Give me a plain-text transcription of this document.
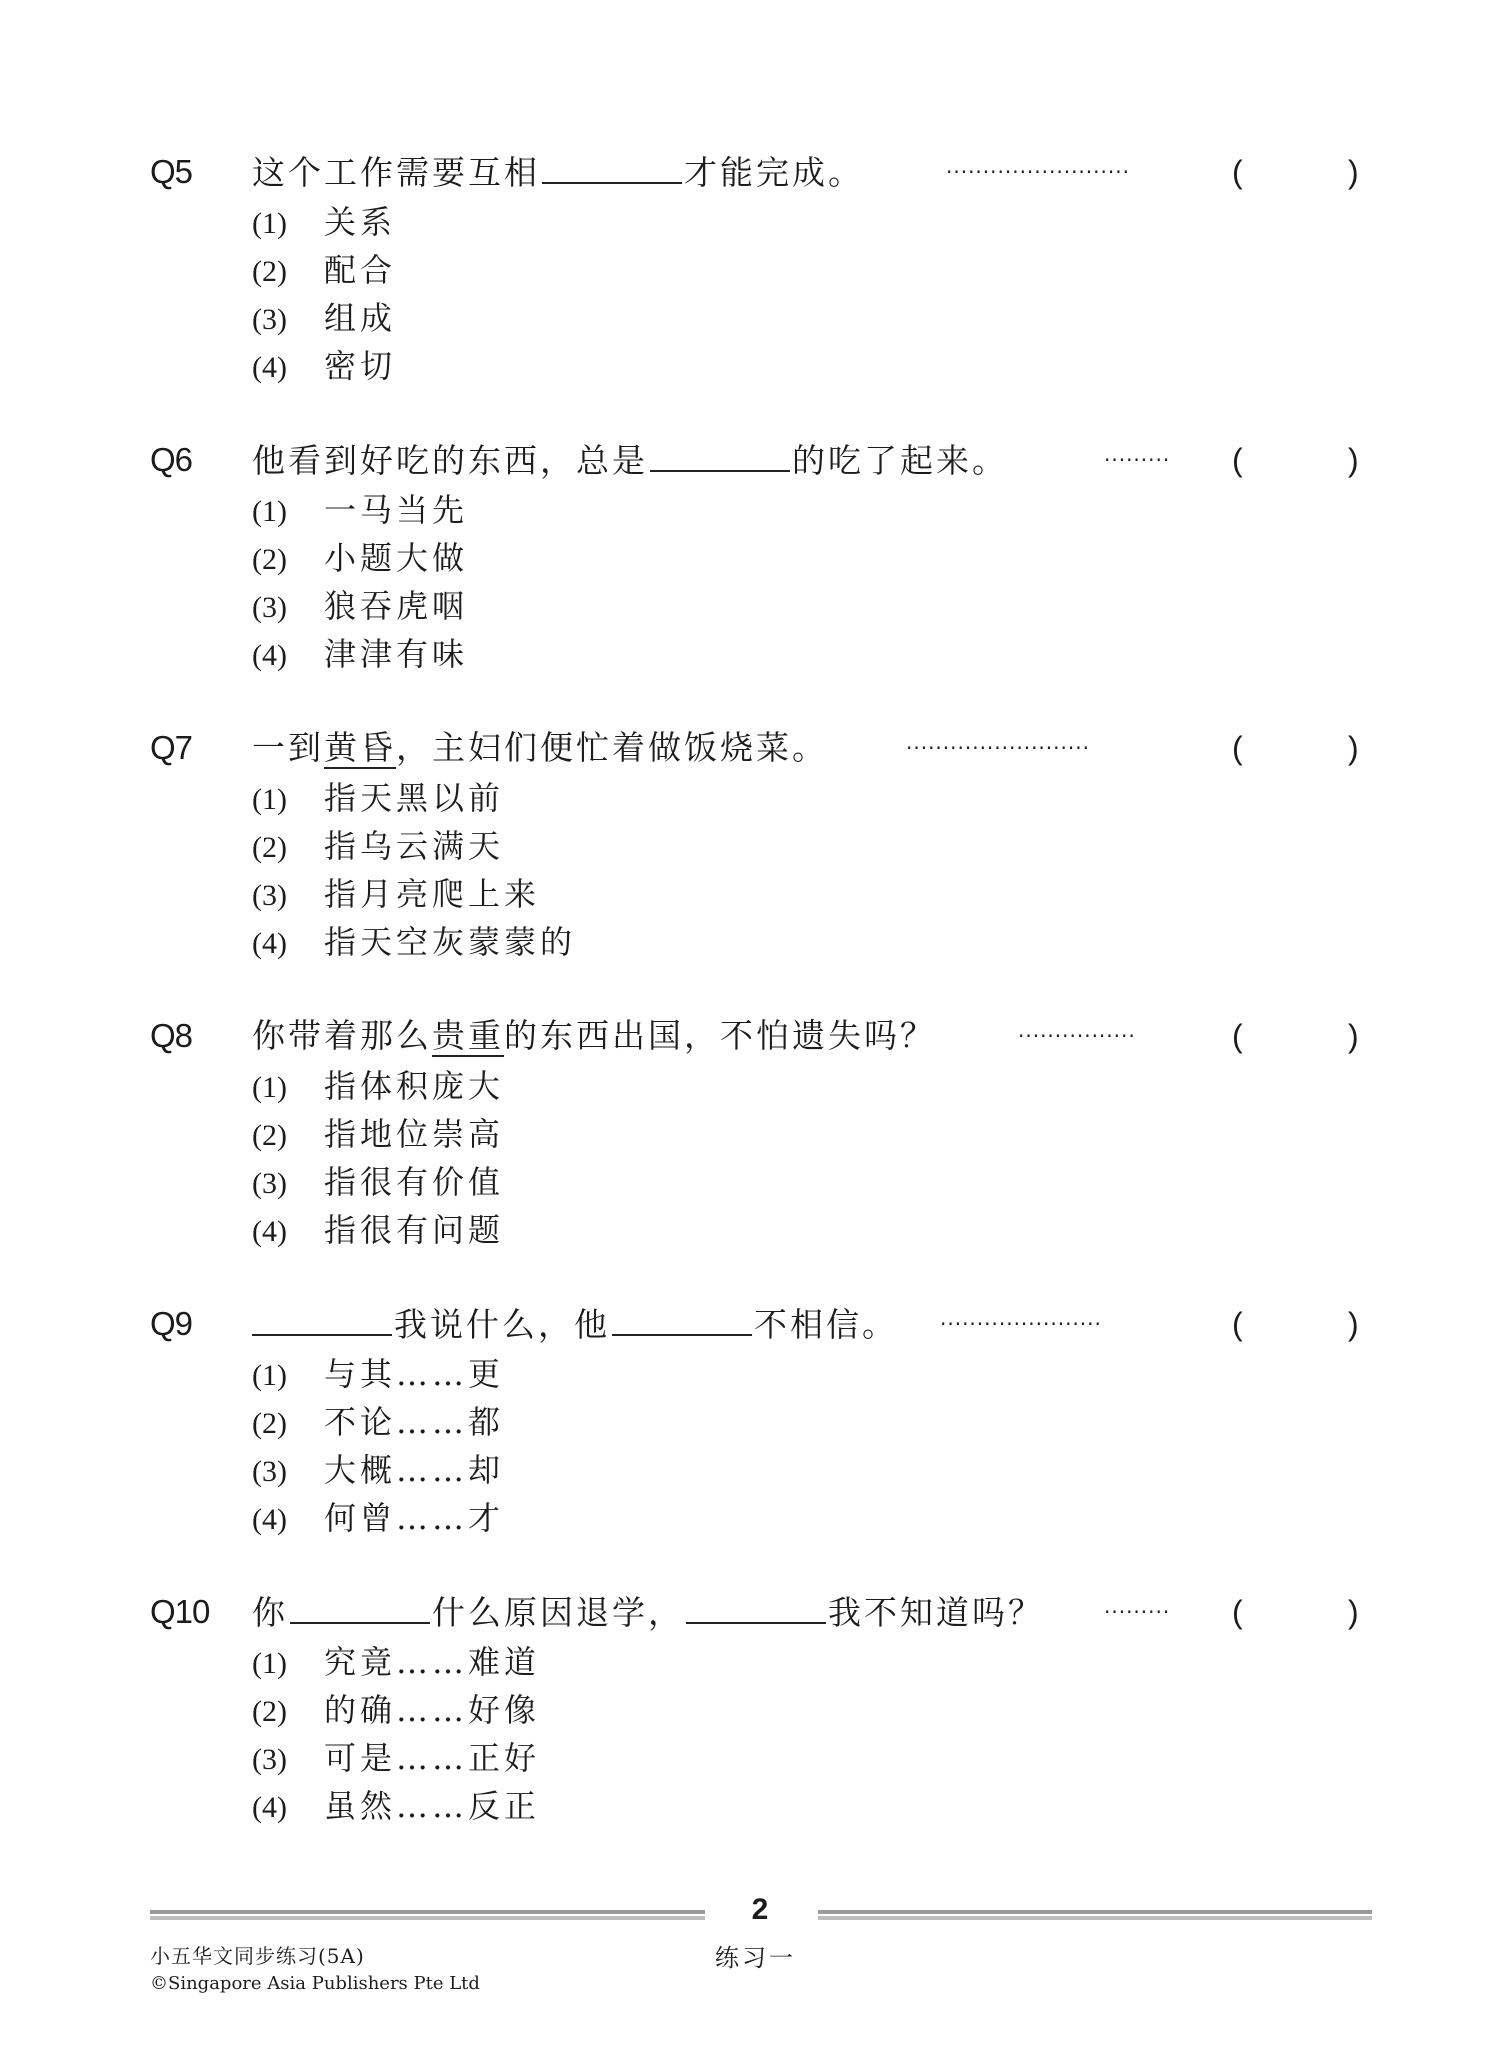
Q5 这个工作需要互相	才能完成。	·························	(	)
(1) 关系
(2) 配合
(3) 组成
(4) 密切
Q6 他看到好吃的东西，总是	的吃了起来。	········· (	)
(1) 一马当先
(2) 小题大做
(3) 狼吞虎咽
(4) 津津有味
Q7 一到黄昏，主妇们便忙着做饭烧菜。	·························	(	)
(1) 指天黑以前
(2) 指乌云满天
(3) 指月亮爬上来
(4) 指天空灰蒙蒙的
Q8 你带着那么贵重的东西出国，不怕遗失吗？	················	(	)
(1) 指体积庞大
(2) 指地位崇高
(3) 指很有价值
(4) 指很有问题
Q9	我说什么，他	不相信。 ······················	(	)
(1) 与其……更
(2) 不论……都
(3) 大概……却
(4) 何曾……才
Q10 你	什么原因退学，	我不知道吗？	········· (	)
(1) 究竟……难道
(2) 的确……好像
(3) 可是……正好
(4) 虽然……反正
2
小五华文同步练习(5A)
©Singapore Asia Publishers Pte Ltd
练习一
